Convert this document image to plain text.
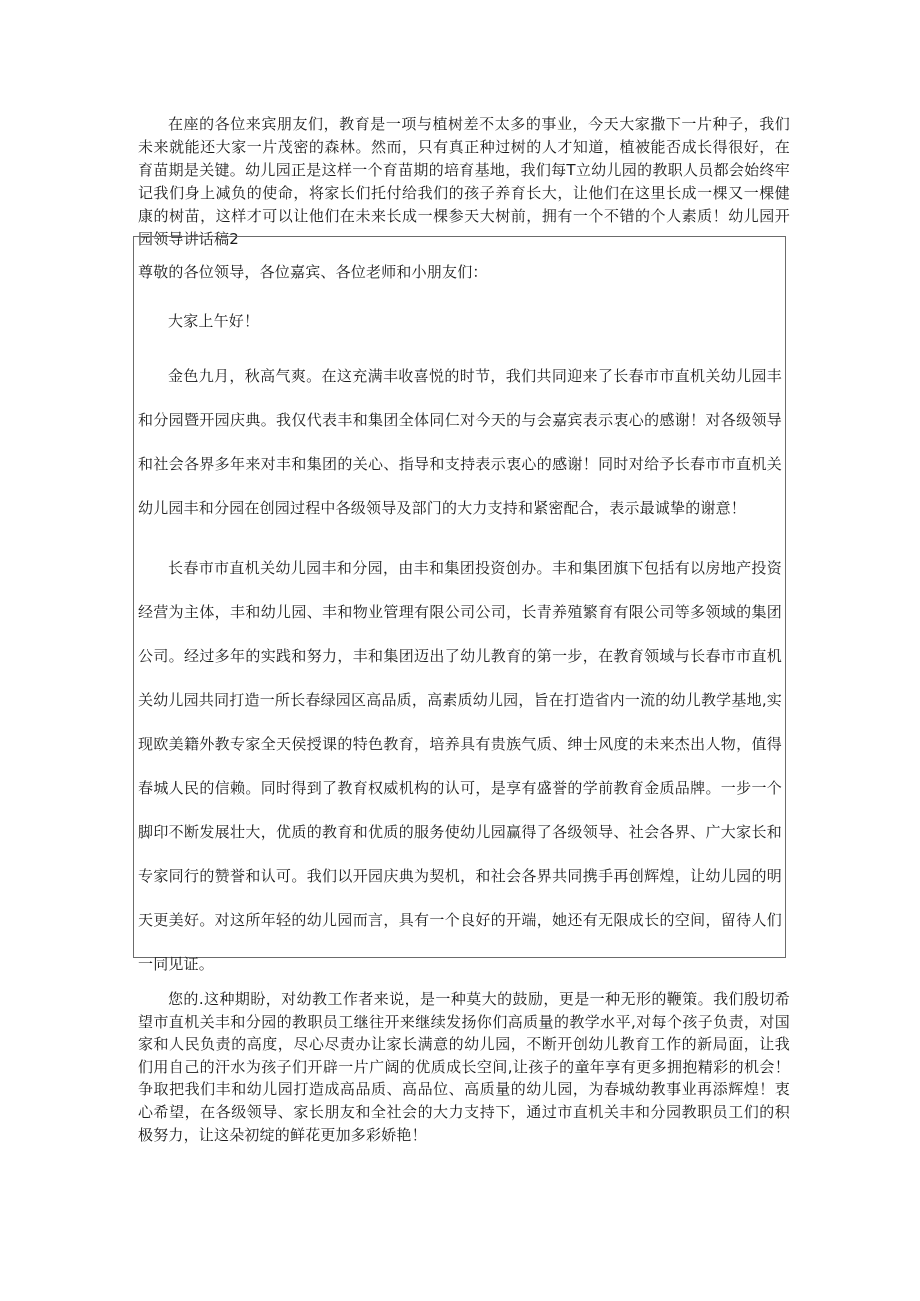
在座的各位来宾朋友们，教育是一项与植树差不太多的事业，今天大家撒下一片种子，我们未来就能还大家一片茂密的森林。然而，只有真正种过树的人才知道，植被能否成长得很好，在育苗期是关键。幼儿园正是这样一个育苗期的培育基地，我们每T立幼儿园的教职人员都会始终牢记我们身上减负的使命，将家长们托付给我们的孩子养育长大，让他们在这里长成一棵又一棵健康的树苗，这样才可以让他们在未来长成一棵参天大树前，拥有一个不错的个人素质！幼儿园开园领导讲话稿2

尊敬的各位领导，各位嘉宾、各位老师和小朋友们：

大家上午好！

金色九月，秋高气爽。在这充满丰收喜悦的时节，我们共同迎来了长春市市直机关幼儿园丰和分园暨开园庆典。我仅代表丰和集团全体同仁对今天的与会嘉宾表示衷心的感谢！对各级领导和社会各界多年来对丰和集团的关心、指导和支持表示衷心的感谢！同时对给予长春市市直机关幼儿园丰和分园在创园过程中各级领导及部门的大力支持和紧密配合，表示最诚挚的谢意！

长春市市直机关幼儿园丰和分园，由丰和集团投资创办。丰和集团旗下包括有以房地产投资经营为主体，丰和幼儿园、丰和物业管理有限公司公司，长青养殖繁育有限公司等多领域的集团公司。经过多年的实践和努力，丰和集团迈出了幼儿教育的第一步，在教育领域与长春市市直机关幼儿园共同打造一所长春绿园区高品质，高素质幼儿园，旨在打造省内一流的幼儿教学基地,实现欧美籍外教专家全天侯授课的特色教育，培养具有贵族气质、绅士风度的未来杰出人物，值得春城人民的信赖。同时得到了教育权威机构的认可，是享有盛誉的学前教育金质品牌。一步一个脚印不断发展壮大，优质的教育和优质的服务使幼儿园赢得了各级领导、社会各界、广大家长和专家同行的赞誉和认可。我们以开园庆典为契机，和社会各界共同携手再创辉煌，让幼儿园的明天更美好。对这所年轻的幼儿园而言，具有一个良好的开端，她还有无限成长的空间，留待人们一同见证。

您的.这种期盼，对幼教工作者来说，是一种莫大的鼓励，更是一种无形的鞭策。我们殷切希望市直机关丰和分园的教职员工继往开来继续发扬你们高质量的教学水平,对每个孩子负责，对国家和人民负责的高度，尽心尽责办让家长满意的幼儿园，不断开创幼儿教育工作的新局面，让我们用自己的汗水为孩子们开辟一片广阔的优质成长空间,让孩子的童年享有更多拥抱精彩的机会！争取把我们丰和幼儿园打造成高品质、高品位、高质量的幼儿园，为春城幼教事业再添辉煌！衷心希望，在各级领导、家长朋友和全社会的大力支持下，通过市直机关丰和分园教职员工们的积极努力，让这朵初绽的鲜花更加多彩娇艳！
